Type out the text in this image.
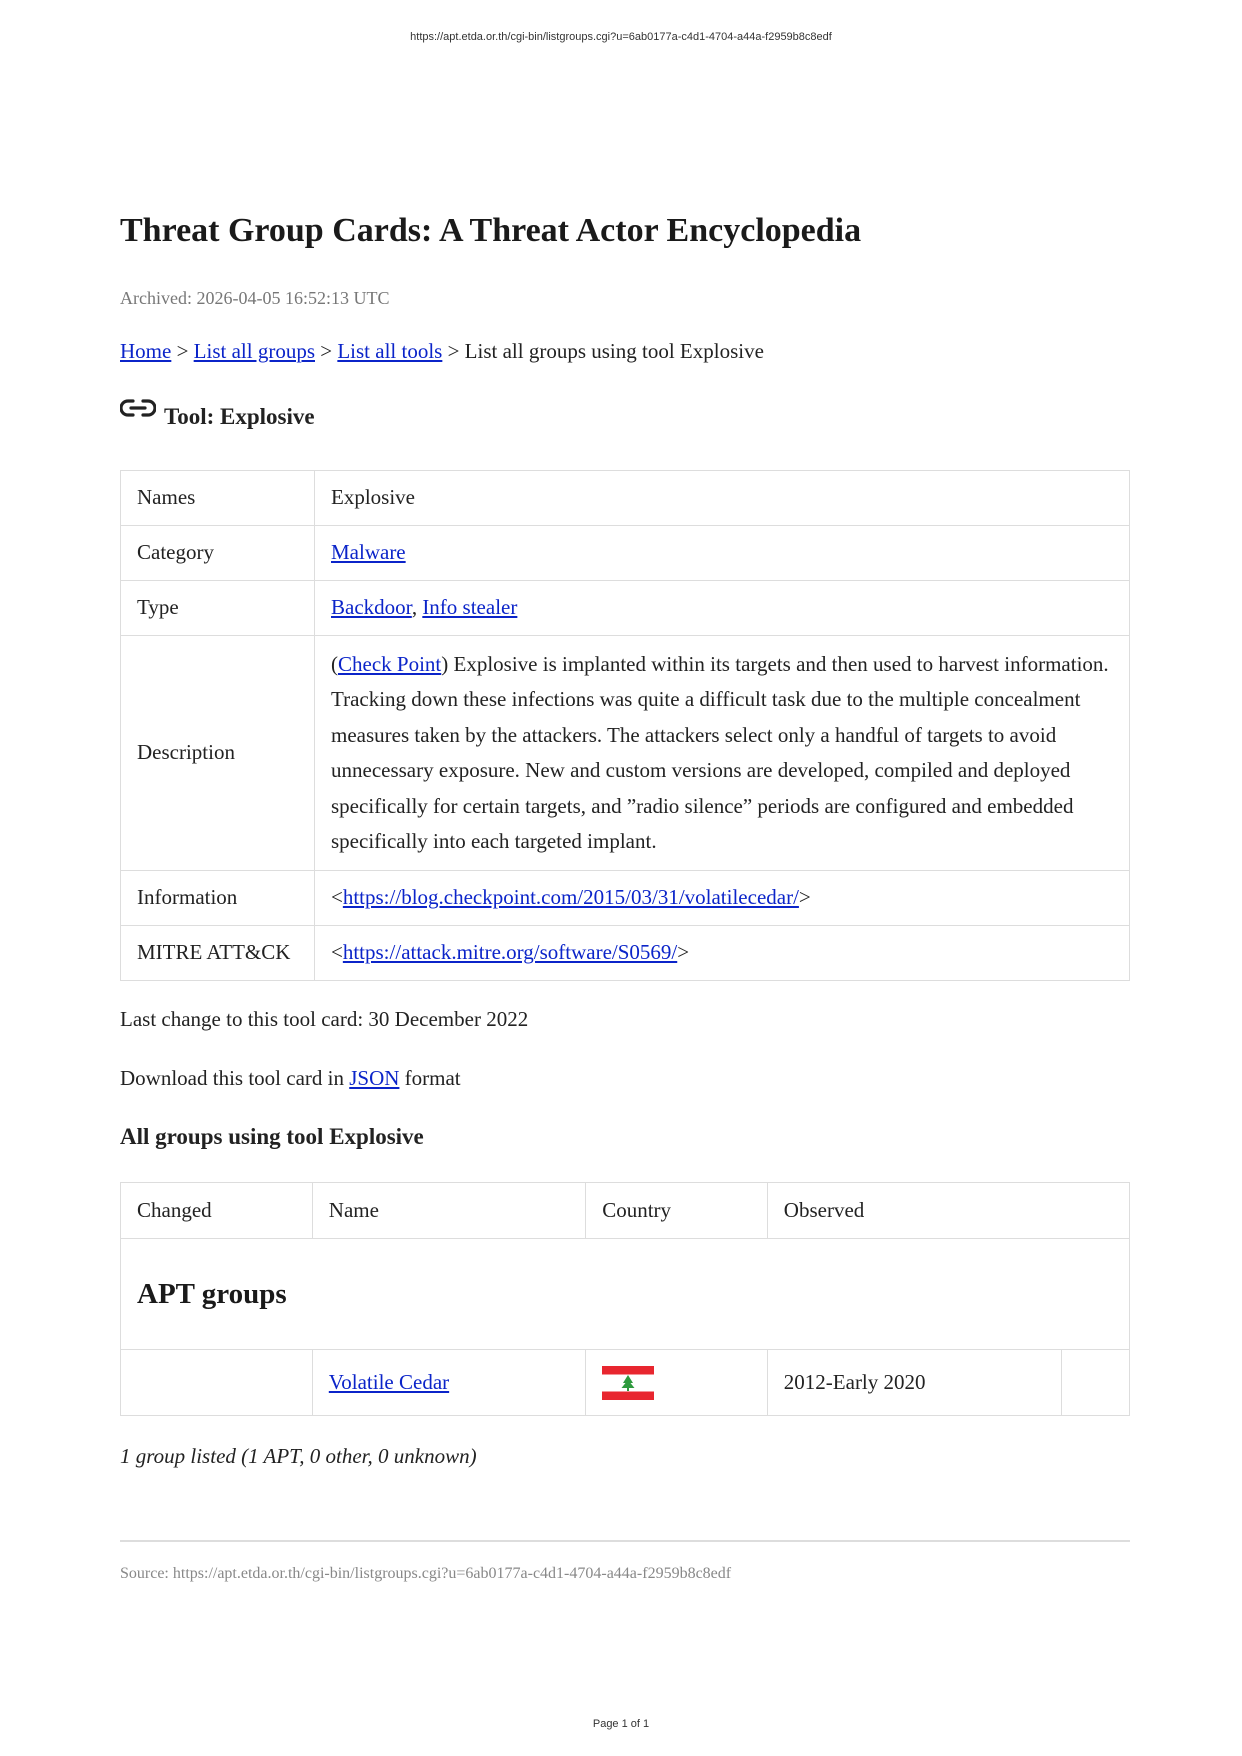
https://apt.etda.or.th/cgi-bin/listgroups.cgi?u=6ab0177a-c4d1-4704-a44a-f2959b8c8edf
Threat Group Cards: A Threat Actor Encyclopedia
Archived: 2026-04-05 16:52:13 UTC
Home > List all groups > List all tools > List all groups using tool Explosive
Tool: Explosive
Names	Explosive
Category	Malware
Type	Backdoor, Info stealer
Description	(Check Point) Explosive is implanted within its targets and then used to harvest information. Tracking down these infections was quite a difficult task due to the multiple concealment measures taken by the attackers. The attackers select only a handful of targets to avoid unnecessary exposure. New and custom versions are developed, compiled and deployed specifically for certain targets, and ”radio silence” periods are configured and embedded specifically into each targeted implant.
Information	<https://blog.checkpoint.com/2015/03/31/volatilecedar/>
MITRE ATT&CK	<https://attack.mitre.org/software/S0569/>
Last change to this tool card: 30 December 2022
Download this tool card in JSON format
All groups using tool Explosive
Changed	Name	Country	Observed	
APT groups				
	Volatile Cedar		2012-Early 2020	
1 group listed (1 APT, 0 other, 0 unknown)
Source: https://apt.etda.or.th/cgi-bin/listgroups.cgi?u=6ab0177a-c4d1-4704-a44a-f2959b8c8edf
Page 1 of 1
